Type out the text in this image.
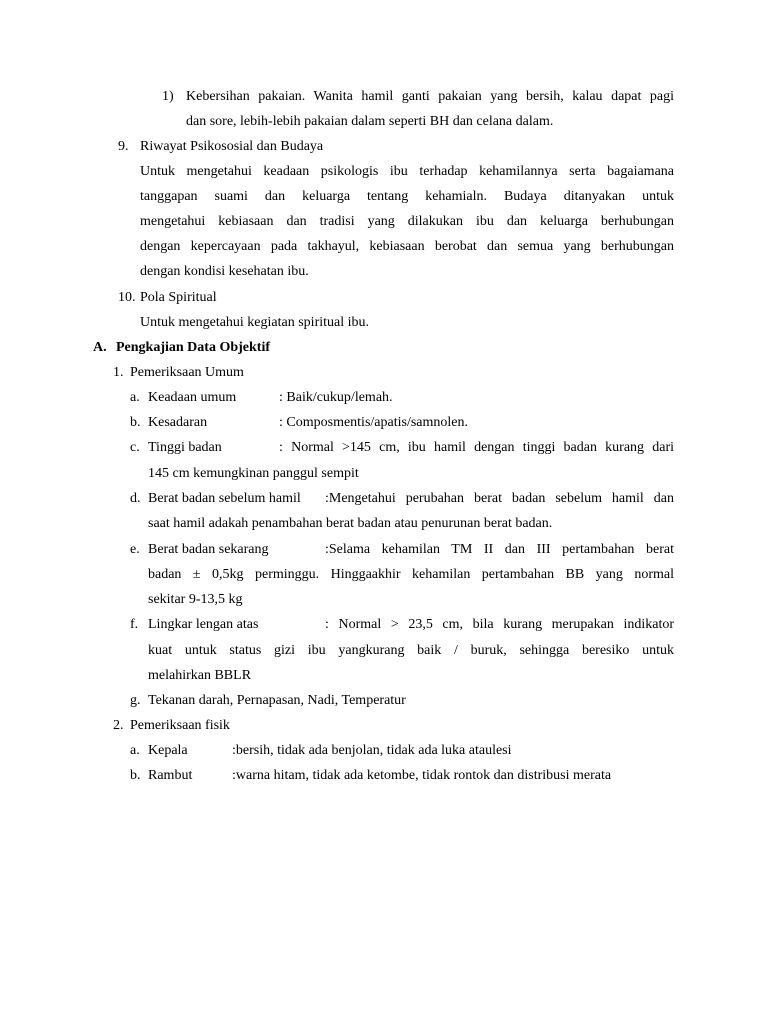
1) Kebersihan pakaian. Wanita hamil ganti pakaian yang bersih, kalau dapat pagi
dan sore, lebih-lebih pakaian dalam seperti BH dan celana dalam.
9. Riwayat Psikososial dan Budaya
Untuk mengetahui keadaan psikologis ibu terhadap kehamilannya serta bagaiamana
tanggapan suami dan keluarga tentang kehamialn. Budaya ditanyakan untuk
mengetahui kebiasaan dan tradisi yang dilakukan ibu dan keluarga berhubungan
dengan kepercayaan pada takhayul, kebiasaan berobat dan semua yang berhubungan
dengan kondisi kesehatan ibu.
10. Pola Spiritual
Untuk mengetahui kegiatan spiritual ibu.
A. Pengkajian Data Objektif
1. Pemeriksaan Umum
a. Keadaan umum	: Baik/cukup/lemah.
b. Kesadaran	: Composmentis/apatis/samnolen.
c. Tinggi badan	: Normal >145 cm, ibu hamil dengan tinggi badan kurang dari
145 cm kemungkinan panggul sempit
d. Berat badan sebelum hamil :Mengetahui perubahan berat badan sebelum hamil dan
saat hamil adakah penambahan berat badan atau penurunan berat badan.
e. Berat badan sekarang	:Selama kehamilan TM II dan III pertambahan berat
badan ± 0,5kg perminggu. Hinggaakhir kehamilan pertambahan BB yang normal
sekitar 9-13,5 kg
f. Lingkar lengan atas	: Normal > 23,5 cm, bila kurang merupakan indikator
kuat untuk status gizi ibu yangkurang baik / buruk, sehingga beresiko untuk
melahirkan BBLR
g. Tekanan darah, Pernapasan, Nadi, Temperatur
2. Pemeriksaan fisik
a. Kepala	:bersih, tidak ada benjolan, tidak ada luka ataulesi
b. Rambut	:warna hitam, tidak ada ketombe, tidak rontok dan distribusi merata
